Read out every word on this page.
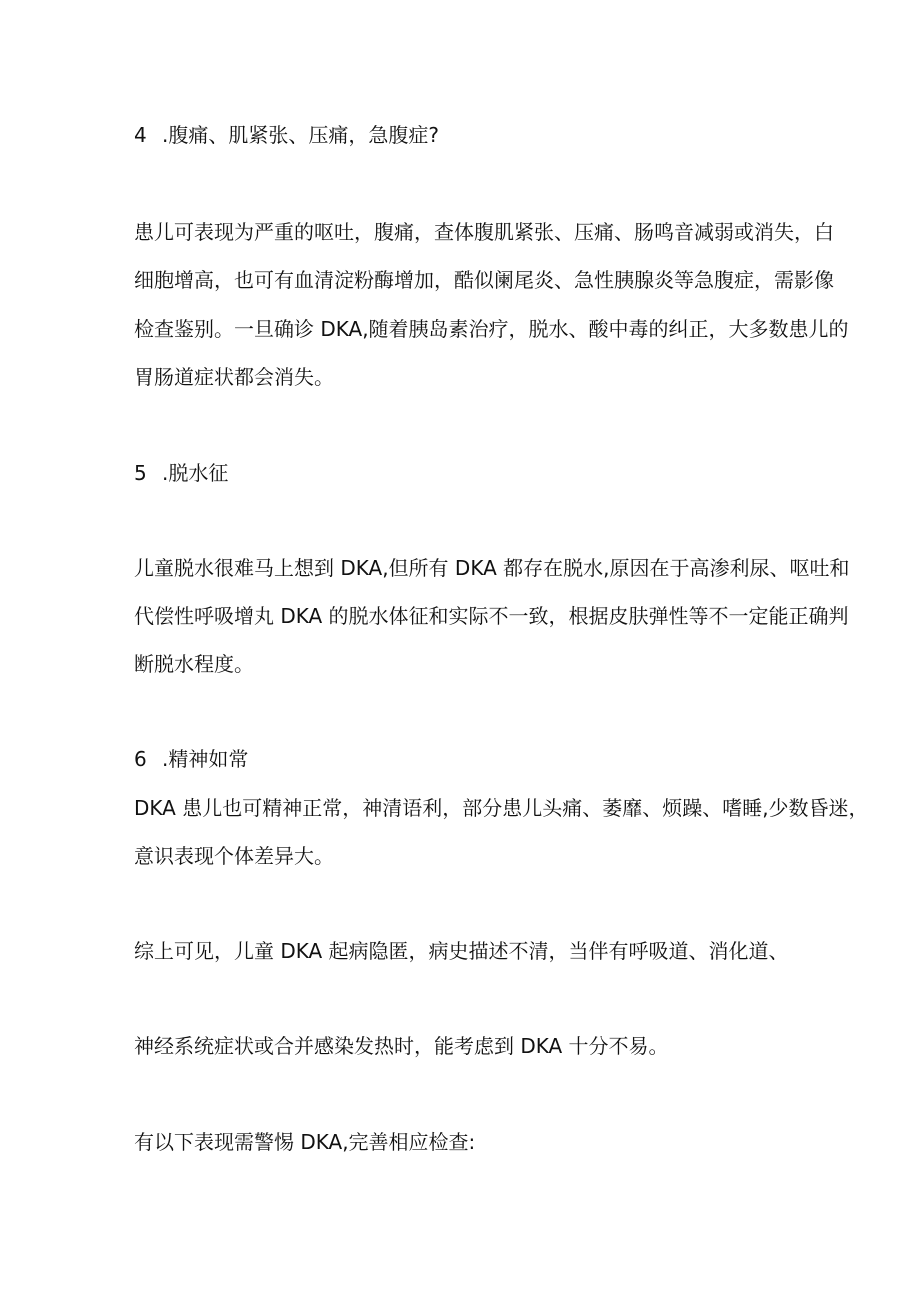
4 .腹痛、肌紧张、压痛，急腹症?
患儿可表现为严重的呕吐，腹痛，查体腹肌紧张、压痛、肠鸣音减弱或消失，白
细胞增高，也可有血清淀粉酶增加，酷似阑尾炎、急性胰腺炎等急腹症，需影像
检查鉴别。一旦确诊 DKA,随着胰岛素治疗，脱水、酸中毒的纠正，大多数患儿的
胃肠道症状都会消失。
5 .脱水征
儿童脱水很难马上想到 DKA,但所有 DKA 都存在脱水,原因在于高渗利尿、呕吐和
代偿性呼吸增丸 DKA 的脱水体征和实际不一致，根据皮肤弹性等不一定能正确判
断脱水程度。
6 .精神如常
DKA 患儿也可精神正常，神清语利，部分患儿头痛、萎靡、烦躁、嗜睡,少数昏迷，
意识表现个体差异大。
综上可见，儿童 DKA 起病隐匿，病史描述不清，当伴有呼吸道、消化道、
神经系统症状或合并感染发热时，能考虑到 DKA 十分不易。
有以下表现需警惕 DKA,完善相应检查:
